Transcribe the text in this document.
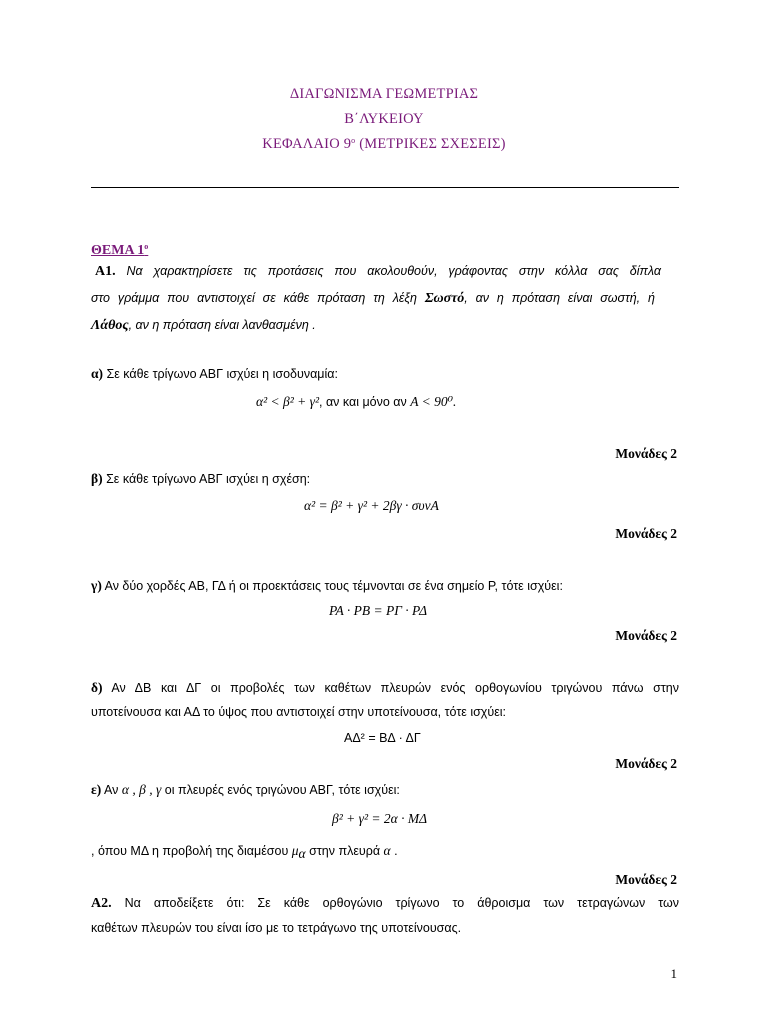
ΔΙΑΓΩΝΙΣΜΑ ΓΕΩΜΕΤΡΙΑΣ
Β΄ΛΥΚΕΙΟΥ
ΚΕΦΑΛΑΙΟ $9^o$ (ΜΕΤΡΙΚΕΣ ΣΧΕΣΕΙΣ)
ΘΕΜΑ $1^o$
Α1. Να χαρακτηρίσετε τις προτάσεις που ακολουθούν, γράφοντας στην κόλλα σας δίπλα
στο γράμμα που αντιστοιχεί σε κάθε πρόταση τη λέξη Σωστό, αν η πρόταση είναι σωστή, ή
Λάθος, αν η πρόταση είναι λανθασμένη .
α) Σε κάθε τρίγωνο ΑΒΓ ισχύει η ισοδυναμία:
α² < β² + γ², αν και μόνο αν Α < 90⁰.
Μονάδες 2
β) Σε κάθε τρίγωνο ΑΒΓ ισχύει η σχέση:
α² = β² + γ² + 2βγ · συνΑ
Μονάδες 2
γ) Αν δύο χορδές ΑΒ, ΓΔ ή οι προεκτάσεις τους τέμνονται σε ένα σημείο Ρ, τότε ισχύει:
ΡΑ · ΡΒ = ΡΓ · ΡΔ
Μονάδες 2
δ) Αν ΔΒ και ΔΓ οι προβολές των καθέτων πλευρών ενός ορθογωνίου τριγώνου πάνω στην
υποτείνουσα και ΑΔ το ύψος που αντιστοιχεί στην υποτείνουσα, τότε ισχύει:
ΑΔ² = ΒΔ · ΔΓ
Μονάδες 2
ε) Αν α , β , γ οι πλευρές ενός τριγώνου ΑΒΓ, τότε ισχύει:
β² + γ² = 2α · ΜΔ
, όπου ΜΔ η προβολή της διαμέσου $\mu_\alpha$ στην πλευρά α .
Μονάδες 2
Α2. Να αποδείξετε ότι: Σε κάθε ορθογώνιο τρίγωνο το άθροισμα των τετραγώνων των
καθέτων πλευρών του είναι ίσο με το τετράγωνο της υποτείνουσας.
1
